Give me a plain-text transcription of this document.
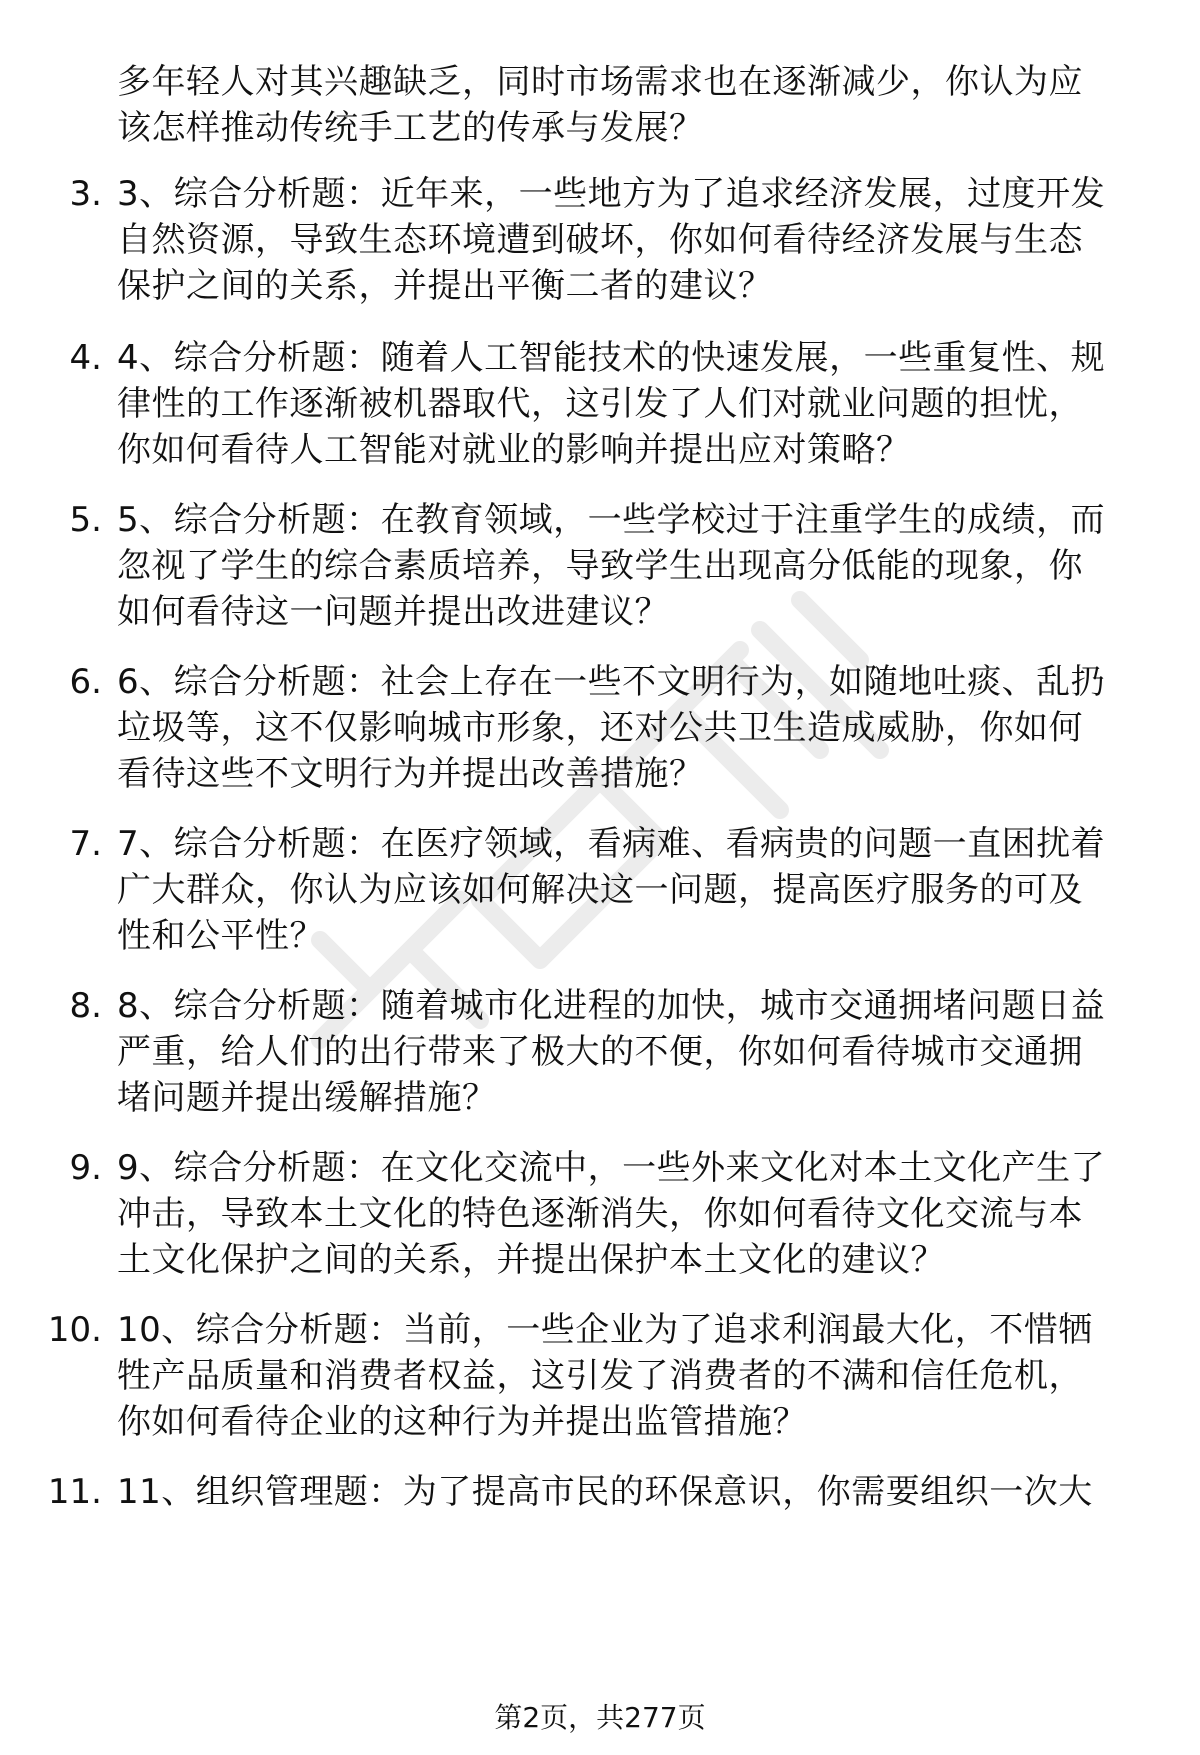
多年轻人对其兴趣缺乏，同时市场需求也在逐渐减少，你认为应
该怎样推动传统手工艺的传承与发展？
3. 3、综合分析题：近年来，一些地方为了追求经济发展，过度开发
自然资源，导致生态环境遭到破坏，你如何看待经济发展与生态
保护之间的关系，并提出平衡二者的建议？
4. 4、综合分析题：随着人工智能技术的快速发展，一些重复性、规
律性的工作逐渐被机器取代，这引发了人们对就业问题的担忧，
你如何看待人工智能对就业的影响并提出应对策略？
5. 5、综合分析题：在教育领域，一些学校过于注重学生的成绩，而
忽视了学生的综合素质培养，导致学生出现高分低能的现象，你
如何看待这一问题并提出改进建议？
6. 6、综合分析题：社会上存在一些不文明行为，如随地吐痰、乱扔
垃圾等，这不仅影响城市形象，还对公共卫生造成威胁，你如何
看待这些不文明行为并提出改善措施？
7. 7、综合分析题：在医疗领域，看病难、看病贵的问题一直困扰着
广大群众，你认为应该如何解决这一问题，提高医疗服务的可及
性和公平性？
8. 8、综合分析题：随着城市化进程的加快，城市交通拥堵问题日益
严重，给人们的出行带来了极大的不便，你如何看待城市交通拥
堵问题并提出缓解措施？
9. 9、综合分析题：在文化交流中，一些外来文化对本土文化产生了
冲击，导致本土文化的特色逐渐消失，你如何看待文化交流与本
土文化保护之间的关系，并提出保护本土文化的建议？
10. 10、综合分析题：当前，一些企业为了追求利润最大化，不惜牺
牲产品质量和消费者权益，这引发了消费者的不满和信任危机，
你如何看待企业的这种行为并提出监管措施？
11. 11、组织管理题：为了提高市民的环保意识，你需要组织一次大
第2页，共277页
